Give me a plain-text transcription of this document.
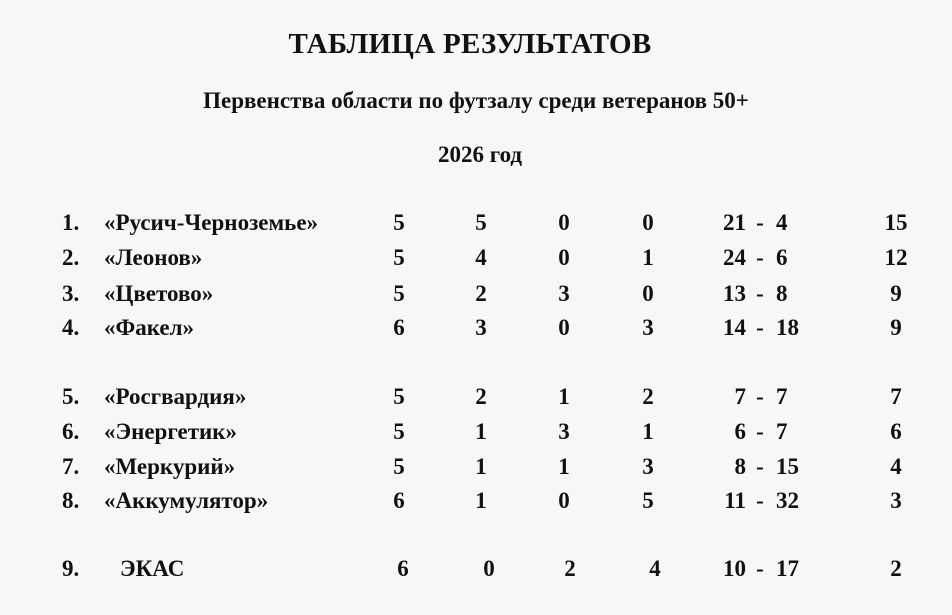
ТАБЛИЦА РЕЗУЛЬТАТОВ
Первенства области по футзалу среди ветеранов 50+
2026 год
1. «Русич-Черноземье»	5	5	0	0	21 - 4	15
2. «Леонов»	5	4	0	1	24 - 6	12
3. «Цветово»	5	2	3	0	13 - 8	9
4. «Факел»	6	3	0	3	14 - 18	9
5. «Росгвардия»	5	2	1	2	7 - 7	7
6. «Энергетик»	5	1	3	1	6 - 7	6
7. «Меркурий»	5	1	1	3	8 - 15	4
8. «Аккумулятор»	6	1	0	5	11 - 32	3
9. ЭКАС	6	0	2	4	10 - 17	2
